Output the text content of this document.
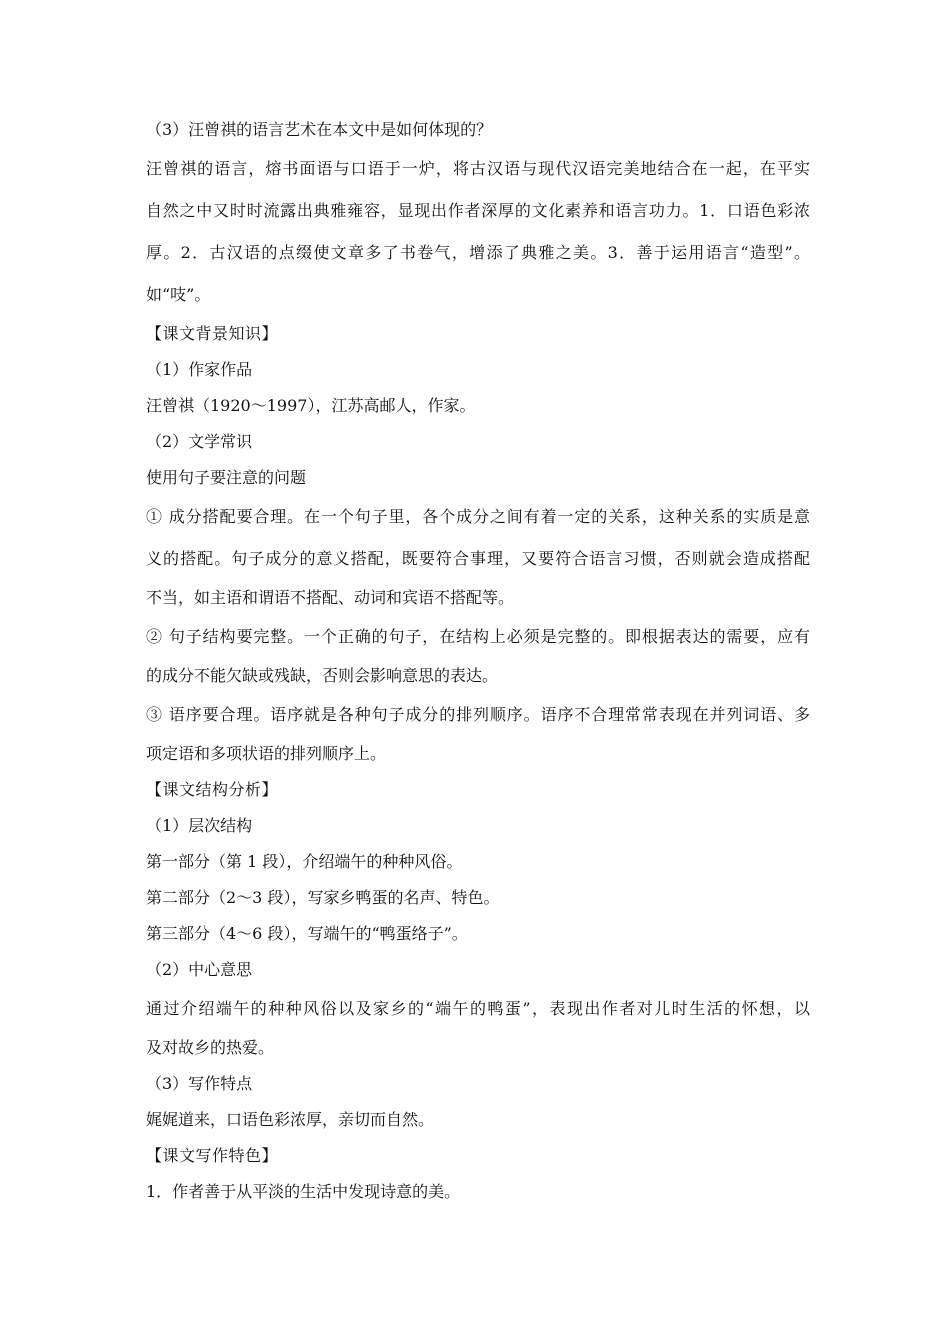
（3）汪曾祺的语言艺术在本文中是如何体现的？
汪曾祺的语言，熔书面语与口语于一炉，将古汉语与现代汉语完美地结合在一起，在平实
自然之中又时时流露出典雅雍容，显现出作者深厚的文化素养和语言功力。1．口语色彩浓
厚。2．古汉语的点缀使文章多了书卷气，增添了典雅之美。3．善于运用语言“造型”。
如“吱”。
【课文背景知识】
（1）作家作品
汪曾祺（1920～1997），江苏高邮人，作家。
（2）文学常识
使用句子要注意的问题
① 成分搭配要合理。在一个句子里，各个成分之间有着一定的关系，这种关系的实质是意
义的搭配。句子成分的意义搭配，既要符合事理，又要符合语言习惯，否则就会造成搭配
不当，如主语和谓语不搭配、动词和宾语不搭配等。
② 句子结构要完整。一个正确的句子，在结构上必须是完整的。即根据表达的需要，应有
的成分不能欠缺或残缺，否则会影响意思的表达。
③ 语序要合理。语序就是各种句子成分的排列顺序。语序不合理常常表现在并列词语、多
项定语和多项状语的排列顺序上。
【课文结构分析】
（1）层次结构
第一部分（第 1 段），介绍端午的种种风俗。
第二部分（2～3 段），写家乡鸭蛋的名声、特色。
第三部分（4～6 段），写端午的“鸭蛋络子”。
（2）中心意思
通过介绍端午的种种风俗以及家乡的“端午的鸭蛋”，表现出作者对儿时生活的怀想，以
及对故乡的热爱。
（3）写作特点
娓娓道来，口语色彩浓厚，亲切而自然。
【课文写作特色】
1．作者善于从平淡的生活中发现诗意的美。
